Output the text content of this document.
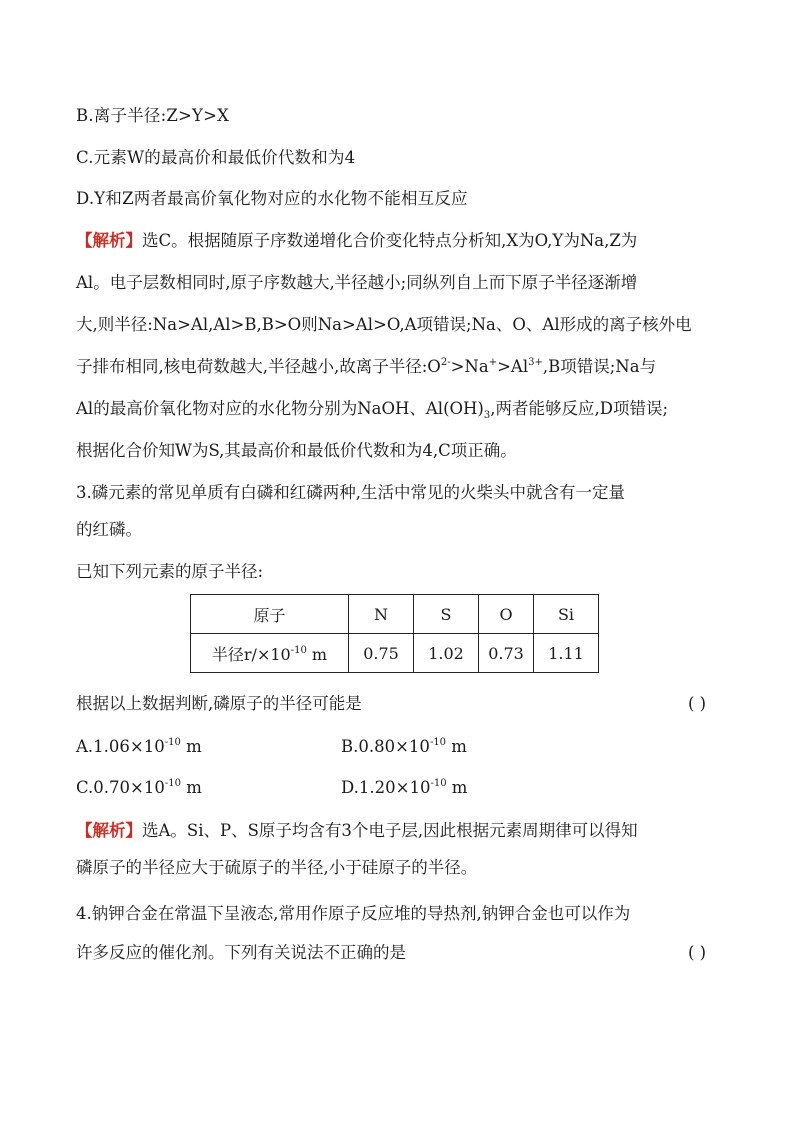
B.离子半径:Z>Y>X
C.元素W的最高价和最低价代数和为4
D.Y和Z两者最高价氧化物对应的水化物不能相互反应
【解析】选C。根据随原子序数递增化合价变化特点分析知,X为O,Y为Na,Z为
Al。电子层数相同时,原子序数越大,半径越小;同纵列自上而下原子半径逐渐增
大,则半径:Na>Al,Al>B,B>O则Na>Al>O,A项错误;Na、O、Al形成的离子核外电
子排布相同,核电荷数越大,半径越小,故离子半径$:O^{2-}>Na^+>Al^{3+},B$项错误;Na与
Al的最高价氧化物对应的水化物分别为NaOH、$Al(OH)_3$,两者能够反应,D项错误;
根据化合价知W为S,其最高价和最低价代数和为4,C项正确。
3.磷元素的常见单质有白磷和红磷两种,生活中常见的火柴头中就含有一定量
的红磷。
已知下列元素的原子半径:
原子	N	S	O	Si
半径$r/\times 10^{-10}$ m	0.75	1.02	0.73	1.11
根据以上数据判断,磷原子的半径可能是	( )
$A.1.06\times 10^{-10}$ m	$B.0.80\times 10^{-10}$ m
$C.0.70\times 10^{-10}$ m	$D.1.20\times 10^{-10}$ m
【解析】选A。Si、P、S原子均含有3个电子层,因此根据元素周期律可以得知
磷原子的半径应大于硫原子的半径,小于硅原子的半径。
4.钠钾合金在常温下呈液态,常用作原子反应堆的导热剂,钠钾合金也可以作为
许多反应的催化剂。下列有关说法不正确的是	( )
